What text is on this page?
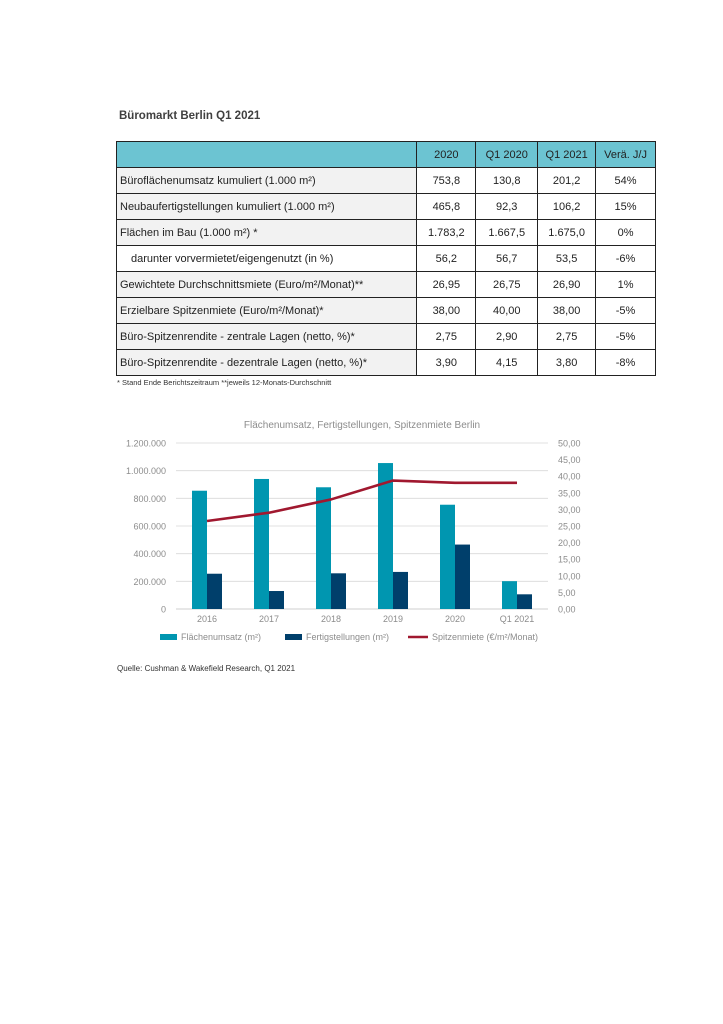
Büromarkt Berlin Q1 2021
	2020	Q1 2020	Q1 2021	Verä. J/J
Büroflächenumsatz kumuliert (1.000 m²)	753,8	130,8	201,2	54%
Neubaufertigstellungen kumuliert (1.000 m²)	465,8	92,3	106,2	15%
Flächen im Bau (1.000 m²) *	1.783,2	1.667,5	1.675,0	0%
darunter vorvermietet/eigengenutzt (in %)	56,2	56,7	53,5	-6%
Gewichtete Durchschnittsmiete (Euro/m²/Monat)**	26,95	26,75	26,90	1%
Erzielbare Spitzenmiete (Euro/m²/Monat)*	38,00	40,00	38,00	-5%
Büro-Spitzenrendite - zentrale Lagen (netto, %)*	2,75	2,90	2,75	-5%
Büro-Spitzenrendite - dezentrale Lagen (netto, %)*	3,90	4,15	3,80	-8%
* Stand Ende Berichtszeitraum **jeweils 12-Monats-Durchschnitt
Flächenumsatz, Fertigstellungen, Spitzenmiete Berlin
0
200.000
400.000
600.000
800.000
1.000.000
1.200.000
0,00
5,00
10,00
15,00
20,00
25,00
30,00
35,00
40,00
45,00
50,00
2016	2017	2018	2019	2020	Q1 2021
Flächenumsatz (m²)	Fertigstellungen (m²)	Spitzenmiete (€/m²/Monat)
Quelle: Cushman & Wakefield Research, Q1 2021
